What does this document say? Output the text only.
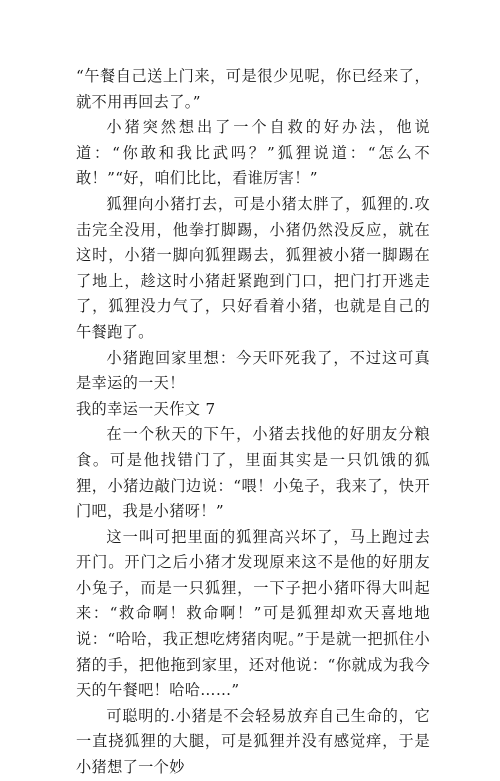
“午餐自己送上门来，可是很少见呢，你已经来了，就不用再回去了。”

小猪突然想出了一个自救的好办法，他说道：“你敢和我比武吗？”狐狸说道：“怎么不敢！”“好，咱们比比，看谁厉害！”

狐狸向小猪打去，可是小猪太胖了，狐狸的.攻击完全没用，他拳打脚踢，小猪仍然没反应，就在这时，小猪一脚向狐狸踢去，狐狸被小猪一脚踢在了地上，趁这时小猪赶紧跑到门口，把门打开逃走了，狐狸没力气了，只好看着小猪，也就是自己的午餐跑了。

小猪跑回家里想：今天吓死我了，不过这可真是幸运的一天！

我的幸运一天作文 7

在一个秋天的下午，小猪去找他的好朋友分粮食。可是他找错门了，里面其实是一只饥饿的狐狸，小猪边敲门边说：“喂！小兔子，我来了，快开门吧，我是小猪呀！”

这一叫可把里面的狐狸高兴坏了，马上跑过去开门。开门之后小猪才发现原来这不是他的好朋友小兔子，而是一只狐狸，一下子把小猪吓得大叫起来：“救命啊！救命啊！”可是狐狸却欢天喜地地说：“哈哈，我正想吃烤猪肉呢。”于是就一把抓住小猪的手，把他拖到家里，还对他说：“你就成为我今天的午餐吧！哈哈……”

可聪明的.小猪是不会轻易放弃自己生命的，它一直挠狐狸的大腿，可是狐狸并没有感觉痒，于是小猪想了一个妙
